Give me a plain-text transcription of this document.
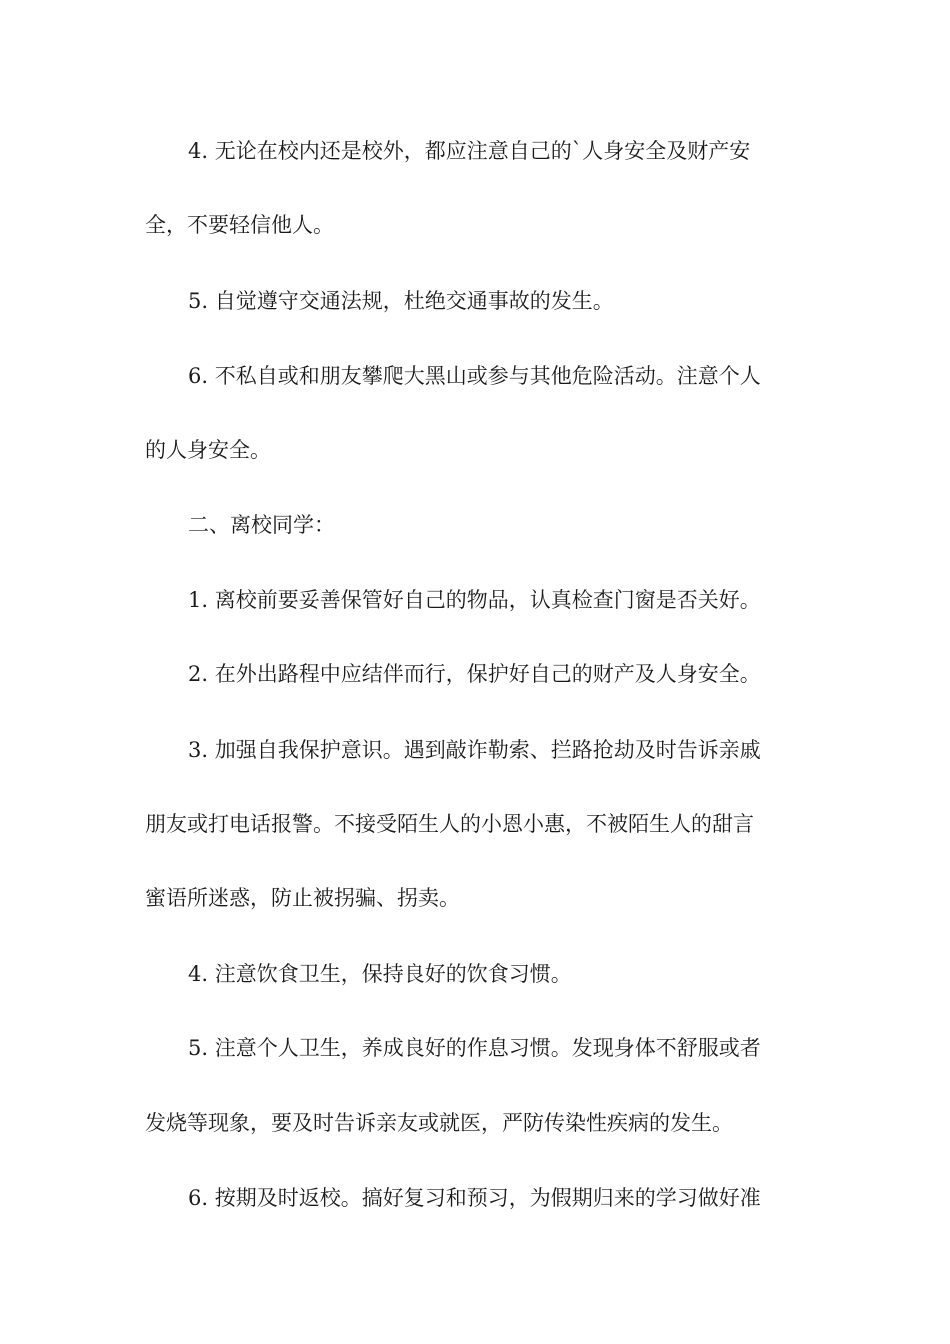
4. 无论在校内还是校外，都应注意自己的`人身安全及财产安
全，不要轻信他人。
5. 自觉遵守交通法规，杜绝交通事故的发生。
6. 不私自或和朋友攀爬大黑山或参与其他危险活动。注意个人
的人身安全。
二、离校同学：
1. 离校前要妥善保管好自己的物品，认真检查门窗是否关好。
2. 在外出路程中应结伴而行，保护好自己的财产及人身安全。
3. 加强自我保护意识。遇到敲诈勒索、拦路抢劫及时告诉亲戚
朋友或打电话报警。不接受陌生人的小恩小惠，不被陌生人的甜言
蜜语所迷惑，防止被拐骗、拐卖。
4. 注意饮食卫生，保持良好的饮食习惯。
5. 注意个人卫生，养成良好的作息习惯。发现身体不舒服或者
发烧等现象，要及时告诉亲友或就医，严防传染性疾病的发生。
6. 按期及时返校。搞好复习和预习，为假期归来的学习做好准
